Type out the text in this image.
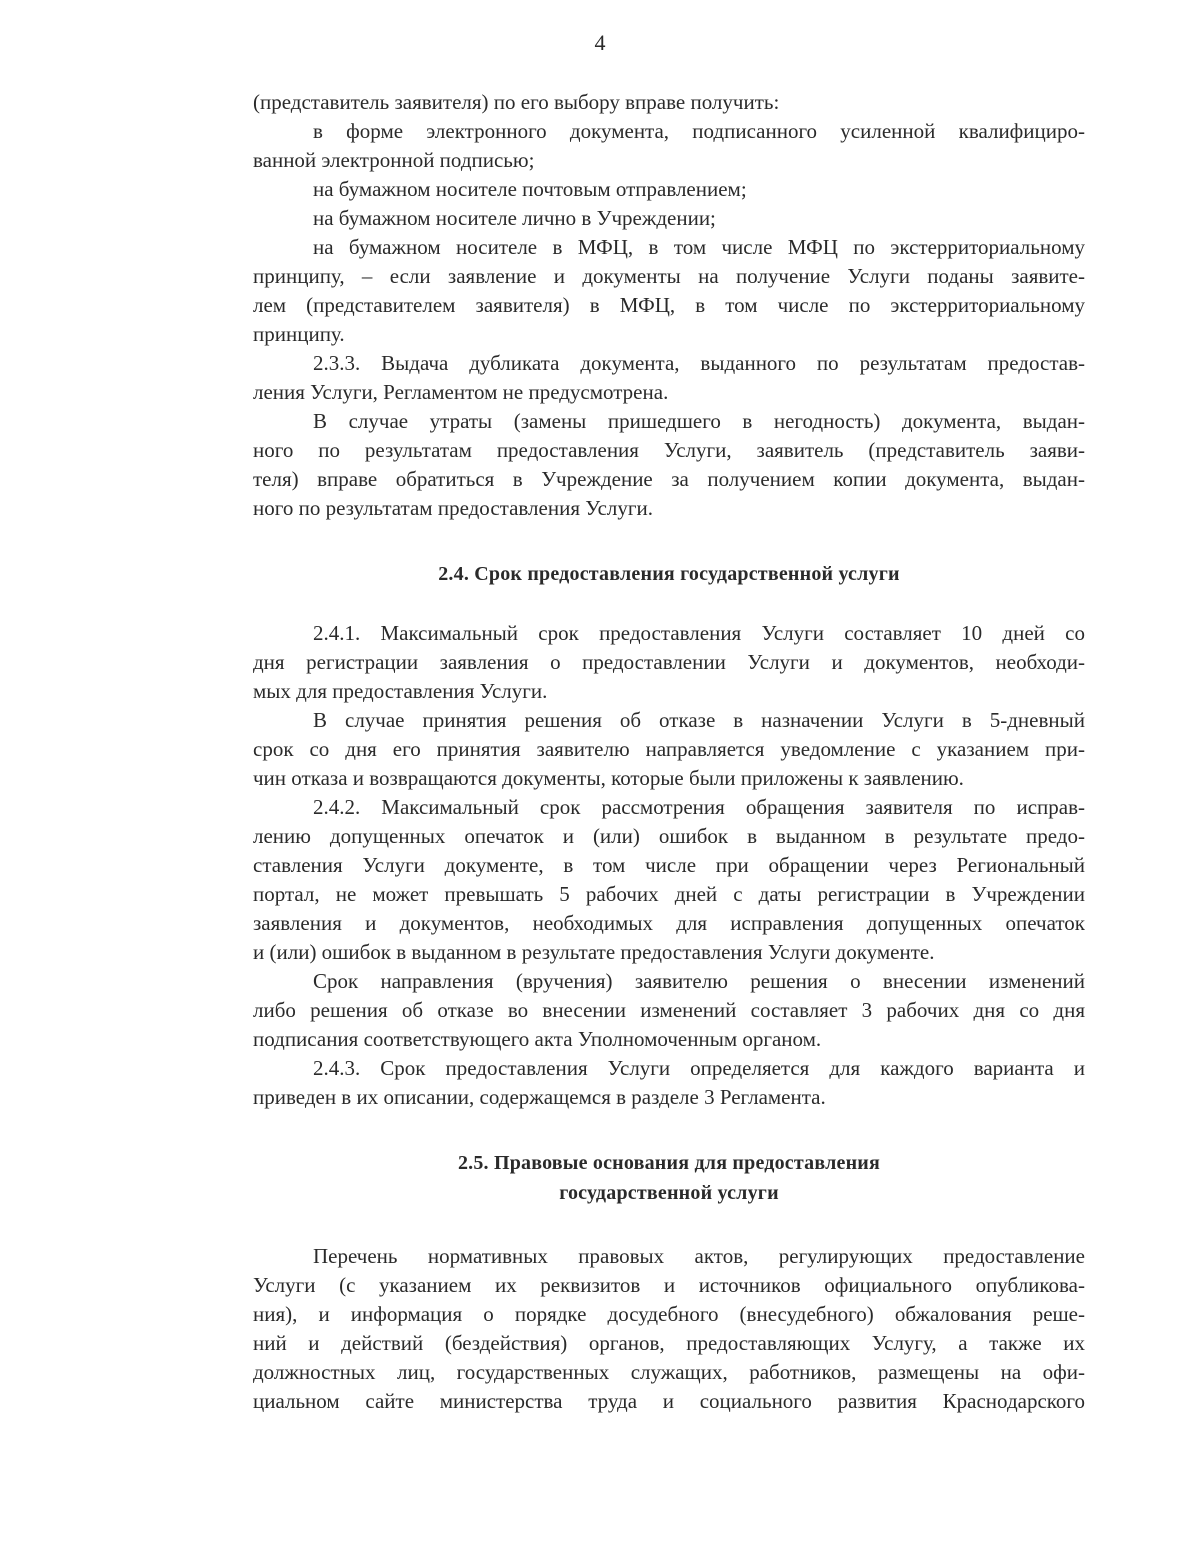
4
(представитель заявителя) по его выбору вправе получить:
в форме электронного документа, подписанного усиленной квалифициро-
ванной электронной подписью;
на бумажном носителе почтовым отправлением;
на бумажном носителе лично в Учреждении;
на бумажном носителе в МФЦ, в том числе МФЦ по экстерриториальному
принципу, – если заявление и документы на получение Услуги поданы заявите-
лем (представителем заявителя) в МФЦ, в том числе по экстерриториальному
принципу.
2.3.3. Выдача дубликата документа, выданного по результатам предостав-
ления Услуги, Регламентом не предусмотрена.
В случае утраты (замены пришедшего в негодность) документа, выдан-
ного по результатам предоставления Услуги, заявитель (представитель заяви-
теля) вправе обратиться в Учреждение за получением копии документа, выдан-
ного по результатам предоставления Услуги.
2.4. Срок предоставления государственной услуги
2.4.1. Максимальный срок предоставления Услуги составляет 10 дней со
дня регистрации заявления о предоставлении Услуги и документов, необходи-
мых для предоставления Услуги.
В случае принятия решения об отказе в назначении Услуги в 5-дневный
срок со дня его принятия заявителю направляется уведомление с указанием при-
чин отказа и возвращаются документы, которые были приложены к заявлению.
2.4.2. Максимальный срок рассмотрения обращения заявителя по исправ-
лению допущенных опечаток и (или) ошибок в выданном в результате предо-
ставления Услуги документе, в том числе при обращении через Региональный
портал, не может превышать 5 рабочих дней с даты регистрации в Учреждении
заявления и документов, необходимых для исправления допущенных опечаток
и (или) ошибок в выданном в результате предоставления Услуги документе.
Срок направления (вручения) заявителю решения о внесении изменений
либо решения об отказе во внесении изменений составляет 3 рабочих дня со дня
подписания соответствующего акта Уполномоченным органом.
2.4.3. Срок предоставления Услуги определяется для каждого варианта и
приведен в их описании, содержащемся в разделе 3 Регламента.
2.5. Правовые основания для предоставления
государственной услуги
Перечень нормативных правовых актов, регулирующих предоставление
Услуги (с указанием их реквизитов и источников официального опубликова-
ния), и информация о порядке досудебного (внесудебного) обжалования реше-
ний и действий (бездействия) органов, предоставляющих Услугу, а также их
должностных лиц, государственных служащих, работников, размещены на офи-
циальном сайте министерства труда и социального развития Краснодарского
